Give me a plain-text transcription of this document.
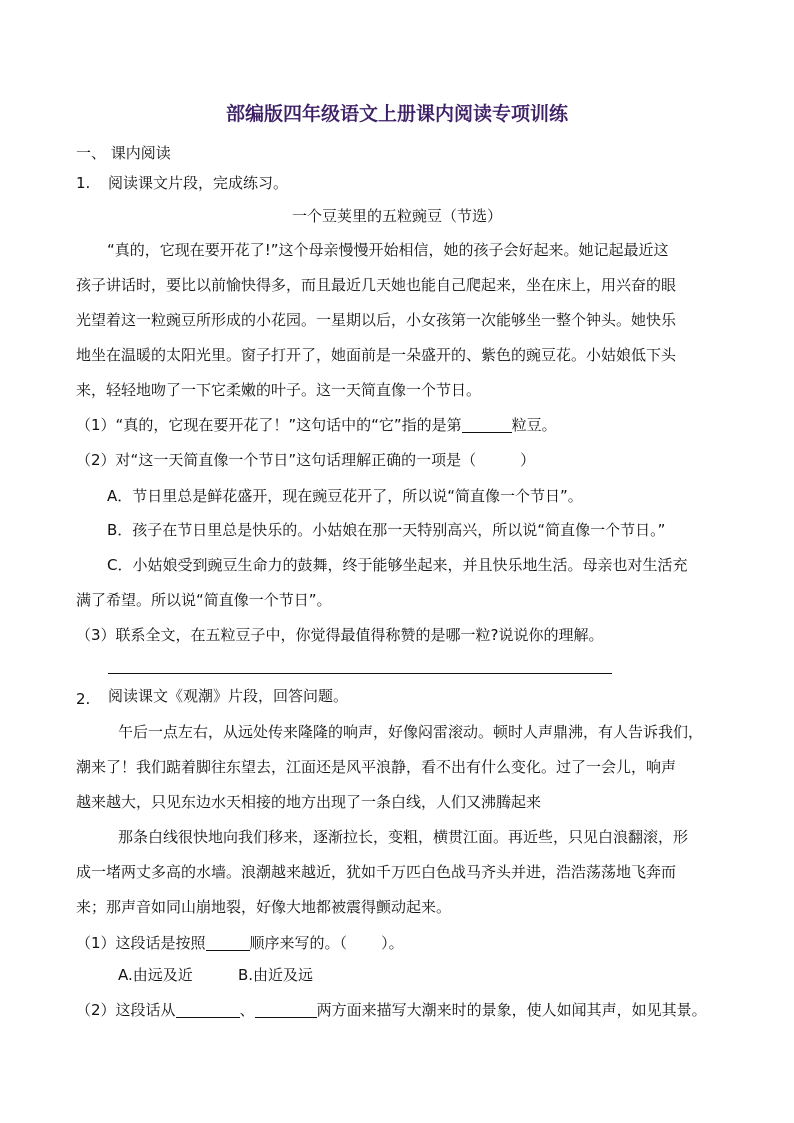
部编版四年级语文上册课内阅读专项训练
一、 课内阅读
1. 阅读课文片段，完成练习。
一个豆荚里的五粒豌豆（节选）
“真的，它现在要开花了!”这个母亲慢慢开始相信，她的孩子会好起来。她记起最近这
孩子讲话时，要比以前愉快得多，而且最近几天她也能自己爬起来，坐在床上，用兴奋的眼
光望着这一粒豌豆所形成的小花园。一星期以后，小女孩第一次能够坐一整个钟头。她快乐
地坐在温暖的太阳光里。窗子打开了，她面前是一朵盛开的、紫色的豌豆花。小姑娘低下头
来，轻轻地吻了一下它柔嫩的叶子。这一天简直像一个节日。
（1）“真的，它现在要开花了！”这句话中的“它”指的是第	粒豆。
（2）对“这一天简直像一个节日”这句话理解正确的一项是（	）
A．节日里总是鲜花盛开，现在豌豆花开了，所以说“简直像一个节日”。
B．孩子在节日里总是快乐的。小姑娘在那一天特别高兴，所以说“简直像一个节日。”
C．小姑娘受到豌豆生命力的鼓舞，终于能够坐起来，并且快乐地生活。母亲也对生活充
满了希望。所以说“简直像一个节日”。
（3）联系全文，在五粒豆子中，你觉得最值得称赞的是哪一粒?说说你的理解。
2. 阅读课文《观潮》片段，回答问题。
午后一点左右，从远处传来隆隆的响声，好像闷雷滚动。顿时人声鼎沸，有人告诉我们，
潮来了！我们踮着脚往东望去，江面还是风平浪静，看不出有什么变化。过了一会儿，响声
越来越大，只见东边水天相接的地方出现了一条白线，人们又沸腾起来
那条白线很快地向我们移来，逐渐拉长，变粗，横贯江面。再近些，只见白浪翻滚，形
成一堵两丈多高的水墙。浪潮越来越近，犹如千万匹白色战马齐头并进，浩浩荡荡地飞奔而
来；那声音如同山崩地裂，好像大地都被震得颤动起来。
（1）这段话是按照	顺序来写的。（ ）。
A.由远及近	B.由近及远
（2）这段话从	、	两方面来描写大潮来时的景象，使人如闻其声，如见其景。
